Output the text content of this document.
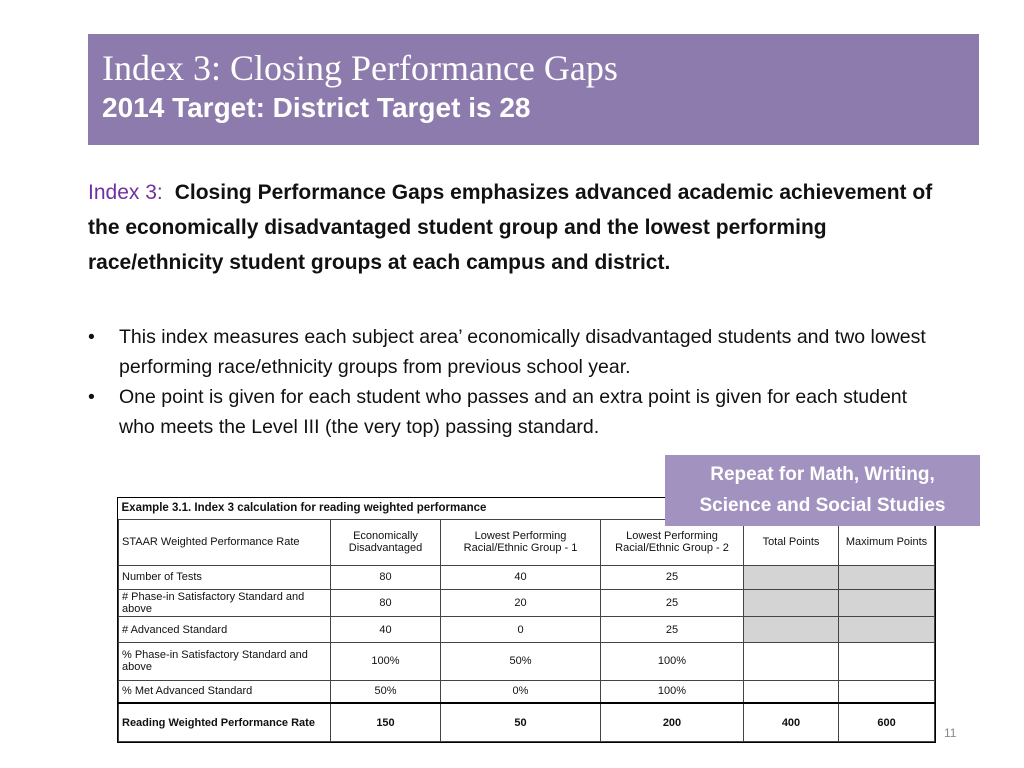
Index 3: Closing Performance Gaps
2014 Target: District Target is 28
Index 3: Closing Performance Gaps emphasizes advanced academic achievement of the economically disadvantaged student group and the lowest performing race/ethnicity student groups at each campus and district.
• This index measures each subject area’ economically disadvantaged students and two lowest performing race/ethnicity groups from previous school year.
• One point is given for each student who passes and an extra point is given for each student who meets the Level III (the very top) passing standard.
Repeat for Math, Writing,
Science and Social Studies
Example 3.1. Index 3 calculation for reading weighted performance					
STAAR Weighted Performance Rate	Economically Disadvantaged	Lowest Performing Racial/Ethnic Group - 1	Lowest Performing Racial/Ethnic Group - 2	Total Points	Maximum Points
Number of Tests	80	40	25		
# Phase-in Satisfactory Standard and above	80	20	25		
# Advanced Standard	40	0	25		
% Phase-in Satisfactory Standard and above	100%	50%	100%		
% Met Advanced Standard	50%	0%	100%		
Reading Weighted Performance Rate	150	50	200	400	600
11
